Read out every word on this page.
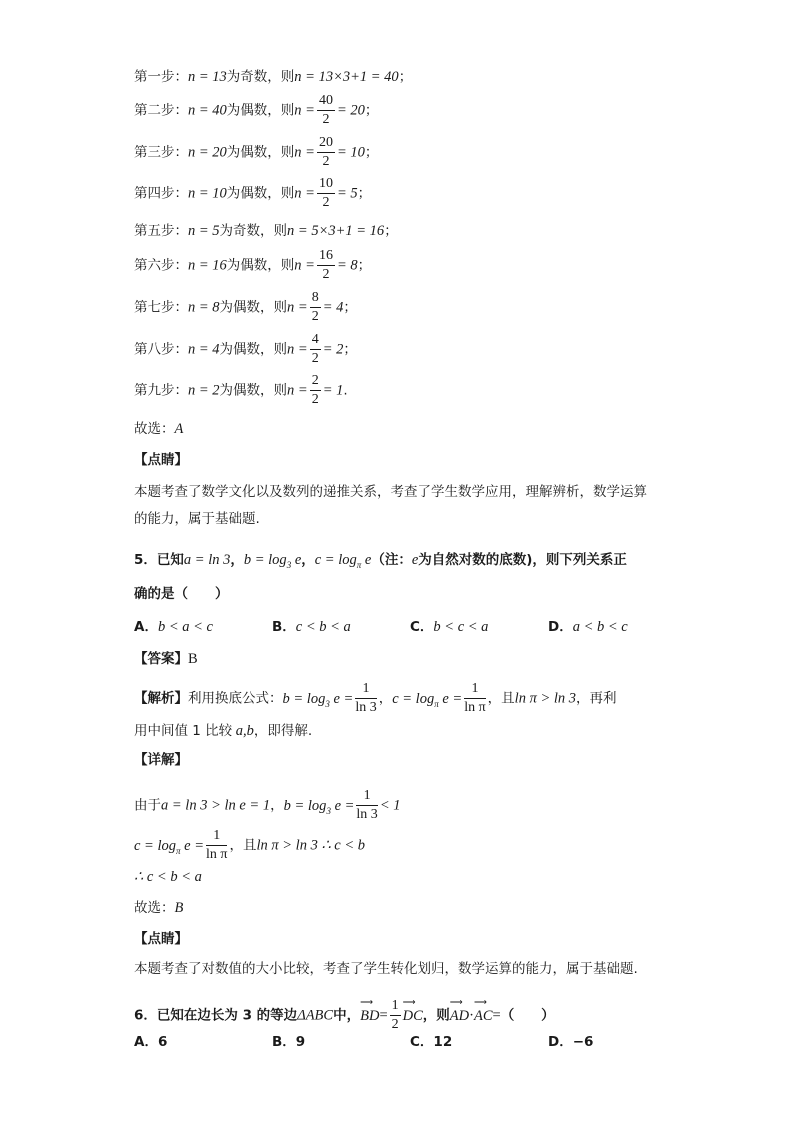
第一步：n = 13为奇数，则n = 13×3+1 = 40；
第二步：n = 40为偶数，则$n = \frac{40}{2} = 20$；
第三步：n = 20为偶数，则$n = \frac{20}{2} = 10$；
第四步：n = 10为偶数，则$n = \frac{10}{2} = 5$；
第五步：n = 5为奇数，则n = 5×3+1 = 16；
第六步：n = 16为偶数，则$n = \frac{16}{2} = 8$；
第七步：n = 8为偶数，则$n = \frac{8}{2} = 4$；
第八步：n = 4为偶数，则$n = \frac{4}{2} = 2$；
第九步：n = 2为偶数，则$n = \frac{2}{2} = 1$.
故选：A
【点睛】
本题考查了数学文化以及数列的递推关系，考查了学生数学应用，理解辨析，数学运算
的能力，属于基础题.
5．已知a = ln 3，$b = \log_3 e$，$c = \log_\pi e$（注：e为自然对数的底数)，则下列关系正
确的是（　　）
A．b < a < c	B．c < b < a	C．b < c < a	D．a < b < c
【答案】B
【解析】利用换底公式：$b = \log_3 e = \frac{1}{\ln 3}$ ，$c = \log_\pi e = \frac{1}{\text{ln π}}$ ，且ln π > ln 3，再利
用中间值 1 比较 a,b，即得解.
【详解】
由于a = ln 3 > ln e = 1，$b = \log_3 e = \frac{1}{\ln 3} < 1$
$c = \log_\pi e = \frac{1}{\text{ln π}}$ ，且ln π > ln 3 ∴ c < b
∴ c < b < a
故选：B
【点睛】
本题考查了对数值的大小比较，考查了学生转化划归，数学运算的能力，属于基础题.
6．已知在边长为 3 的等边ΔABC中，⟶ $BD= \frac{1}{2}$
⟶ DC，则⟶ AD·⟶ AC=（　　）
A．6	B．9	C．12	D．−6
